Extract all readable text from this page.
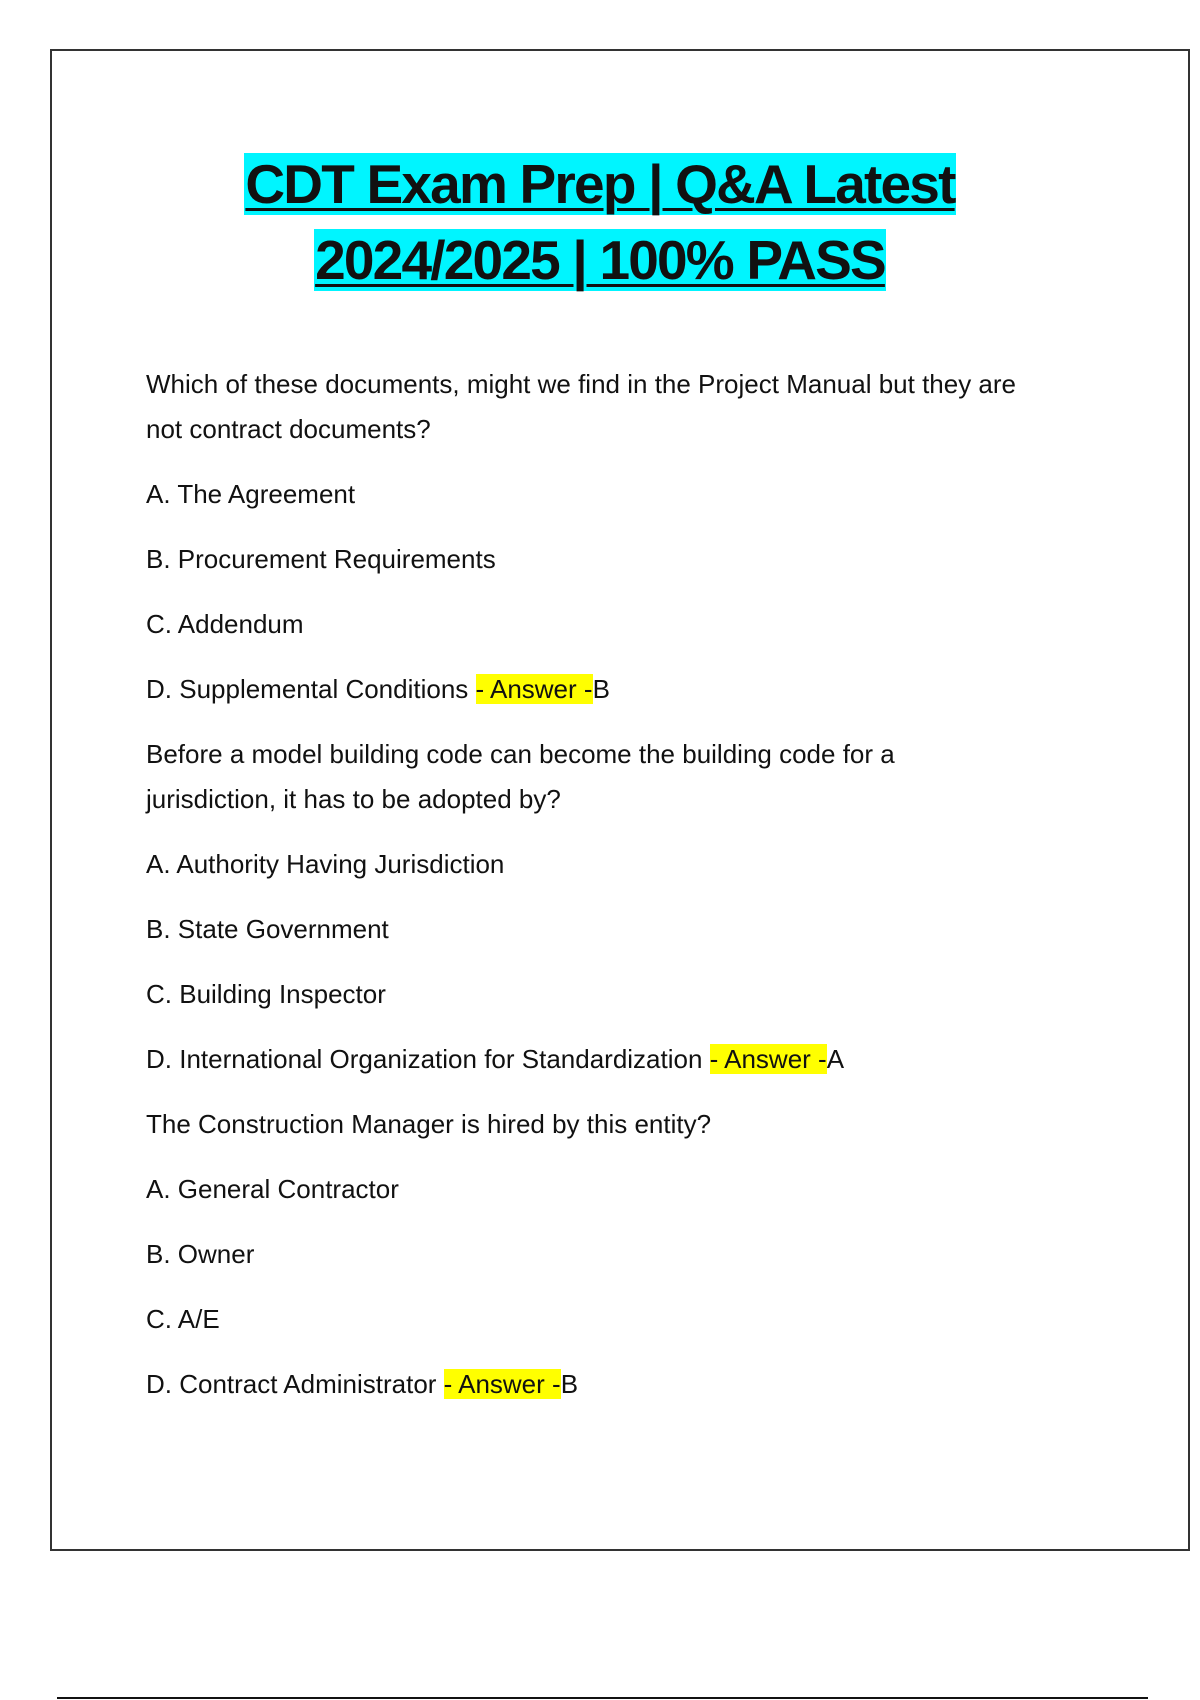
CDT Exam Prep | Q&A Latest
2024/2025 | 100% PASS
Which of these documents, might we find in the Project Manual but they are not contract documents?
A. The Agreement
B. Procurement Requirements
C. Addendum
D. Supplemental Conditions - Answer -B
Before a model building code can become the building code for a jurisdiction, it has to be adopted by?
A. Authority Having Jurisdiction
B. State Government
C. Building Inspector
D. International Organization for Standardization - Answer -A
The Construction Manager is hired by this entity?
A. General Contractor
B. Owner
C. A/E
D. Contract Administrator - Answer -B
